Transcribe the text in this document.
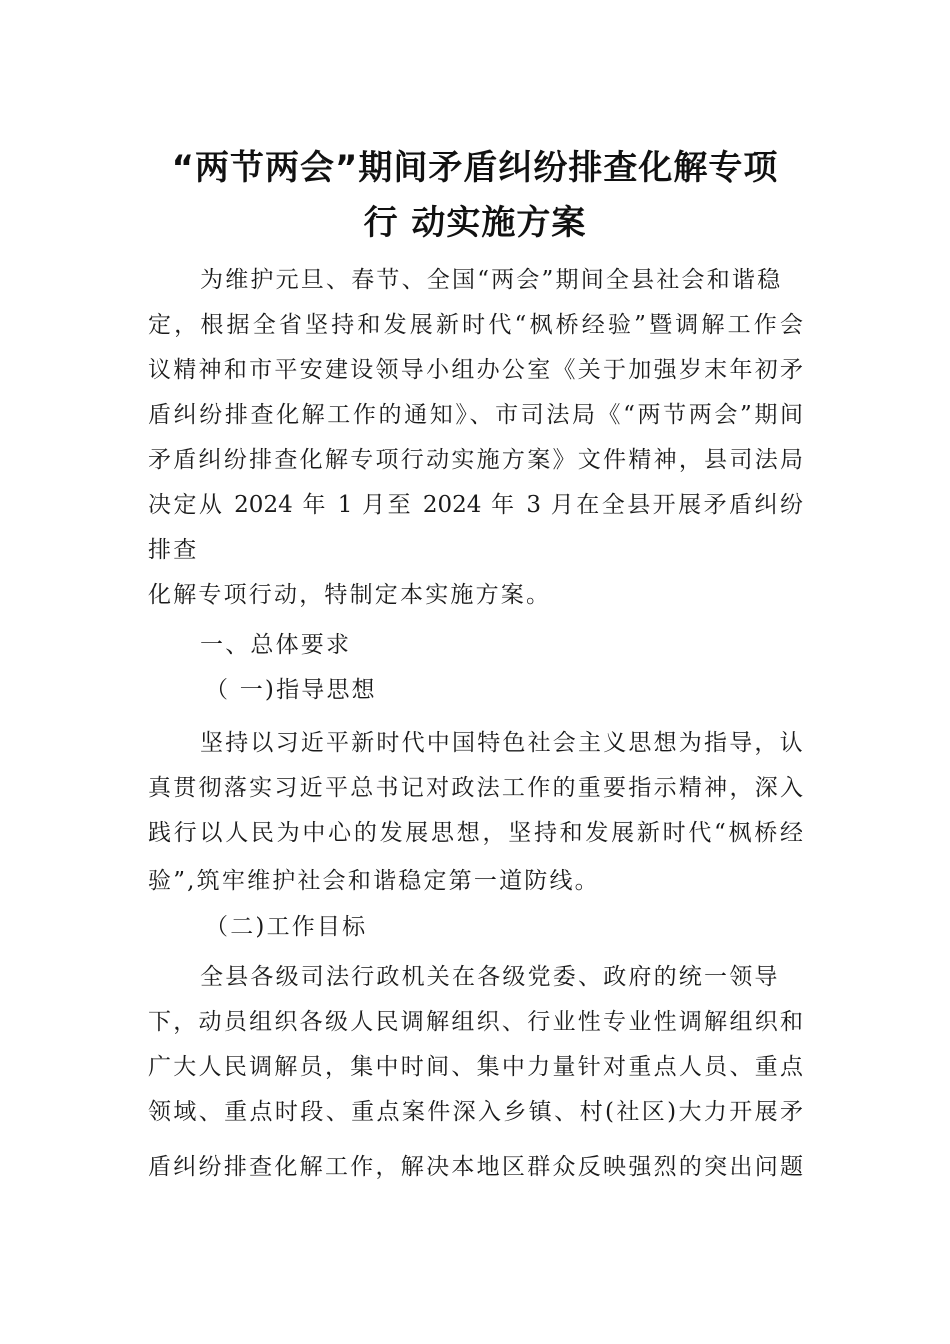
“两节两会”期间矛盾纠纷排查化解专项
行 动实施方案
为维护元旦、春节、全国“两会”期间全县社会和谐稳
定，根据全省坚持和发展新时代“枫桥经验”暨调解工作会
议精神和市平安建设领导小组办公室《关于加强岁末年初矛
盾纠纷排查化解工作的通知》、市司法局《“两节两会”期间
矛盾纠纷排查化解专项行动实施方案》文件精神，县司法局
决定从 2024 年 1 月至 2024 年 3 月在全县开展矛盾纠纷
排查
化解专项行动，特制定本实施方案。
一、总体要求
（ 一)指导思想
坚持以习近平新时代中国特色社会主义思想为指导，认
真贯彻落实习近平总书记对政法工作的重要指示精神，深入
践行以人民为中心的发展思想，坚持和发展新时代“枫桥经
验”,筑牢维护社会和谐稳定第一道防线。
（二)工作目标
全县各级司法行政机关在各级党委、政府的统一领导
下，动员组织各级人民调解组织、行业性专业性调解组织和
广大人民调解员，集中时间、集中力量针对重点人员、重点
领域、重点时段、重点案件深入乡镇、村(社区)大力开展矛
盾纠纷排查化解工作，解决本地区群众反映强烈的突出问题
